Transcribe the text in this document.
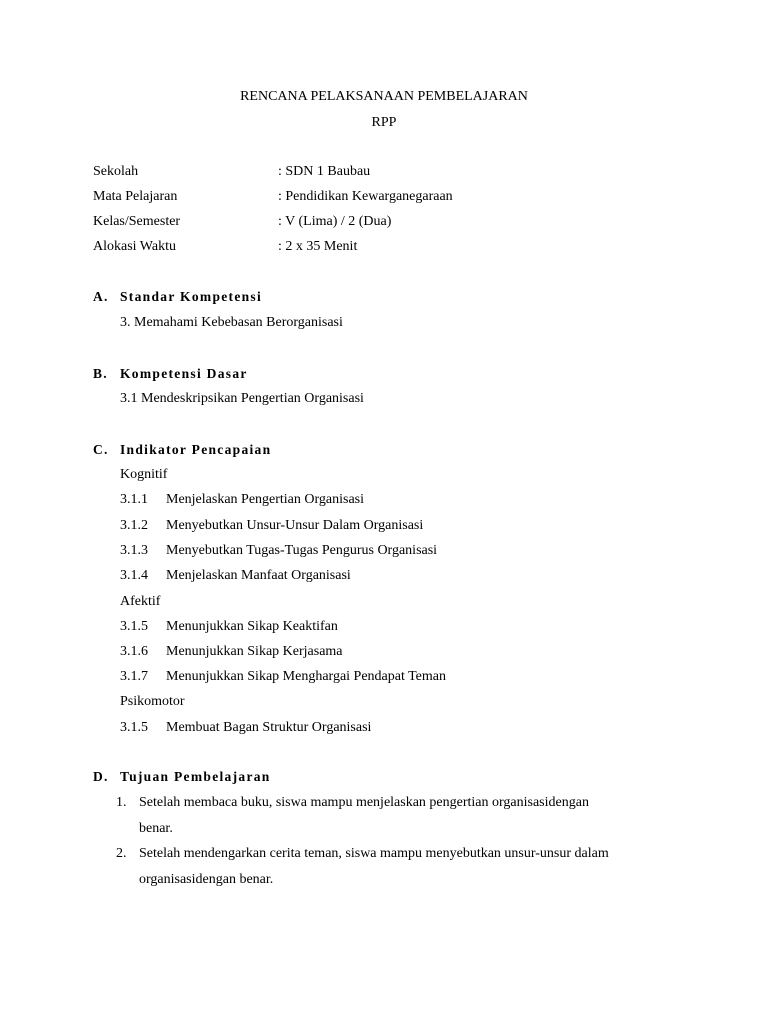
RENCANA PELAKSANAAN PEMBELAJARAN
RPP
Sekolah	: SDN 1 Baubau
Mata Pelajaran	: Pendidikan Kewarganegaraan
Kelas/Semester	: V (Lima) / 2 (Dua)
Alokasi Waktu	: 2 x 35 Menit
A. Standar Kompetensi
3. Memahami Kebebasan Berorganisasi
B. Kompetensi Dasar
3.1 Mendeskripsikan Pengertian Organisasi
C. Indikator Pencapaian
Kognitif
3.1.1 Menjelaskan Pengertian Organisasi
3.1.2 Menyebutkan Unsur-Unsur Dalam Organisasi
3.1.3 Menyebutkan Tugas-Tugas Pengurus Organisasi
3.1.4 Menjelaskan Manfaat Organisasi
Afektif
3.1.5 Menunjukkan Sikap Keaktifan
3.1.6 Menunjukkan Sikap Kerjasama
3.1.7 Menunjukkan Sikap Menghargai Pendapat Teman
Psikomotor
3.1.5 Membuat Bagan Struktur Organisasi
D. Tujuan Pembelajaran
1. Setelah membaca buku, siswa mampu menjelaskan pengertian organisasidengan
benar.
2. Setelah mendengarkan cerita teman, siswa mampu menyebutkan unsur-unsur dalam
organisasidengan benar.
